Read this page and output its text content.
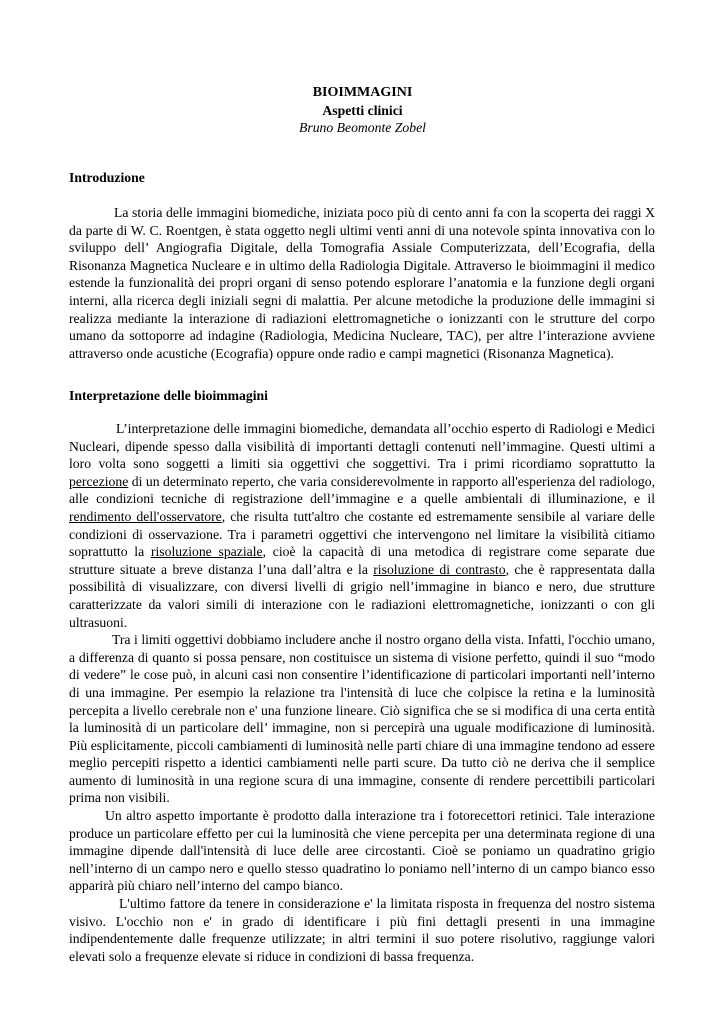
BIOIMMAGINI
Aspetti clinici
Bruno Beomonte Zobel
Introduzione

La storia delle immagini biomediche, iniziata poco più di cento anni fa con la scoperta dei raggi X da parte di W. C. Roentgen, è stata oggetto negli ultimi venti anni di una notevole spinta innovativa con lo sviluppo dell’ Angiografia Digitale, della Tomografia Assiale Computerizzata, dell’Ecografia, della Risonanza Magnetica Nucleare e in ultimo della Radiologia Digitale. Attraverso le bioimmagini il medico estende la funzionalità dei propri organi di senso potendo esplorare l’anatomia e la funzione degli organi interni, alla ricerca degli iniziali segni di malattia. Per alcune metodiche la produzione delle immagini si realizza mediante la interazione di radiazioni elettromagnetiche o ionizzanti con le strutture del corpo umano da sottoporre ad indagine (Radiologia, Medicina Nucleare, TAC), per altre l’interazione avviene attraverso onde acustiche (Ecografia) oppure onde radio e campi magnetici (Risonanza Magnetica).

Interpretazione delle bioimmagini

L’interpretazione delle immagini biomediche, demandata all’occhio esperto di Radiologi e Medici Nucleari, dipende spesso dalla visibilità di importanti dettagli contenuti nell’immagine. Questi ultimi a loro volta sono soggetti a limiti sia oggettivi che soggettivi. Tra i primi ricordiamo soprattutto la percezione di un determinato reperto, che varia considerevolmente in rapporto all'esperienza del radiologo, alle condizioni tecniche di registrazione dell’immagine e a quelle ambientali di illuminazione, e il rendimento dell'osservatore, che risulta tutt'altro che costante ed estremamente sensibile al variare delle condizioni di osservazione. Tra i parametri oggettivi che intervengono nel limitare la visibilità citiamo soprattutto la risoluzione spaziale, cioè la capacità di una metodica di registrare come separate due strutture situate a breve distanza l’una dall’altra e la risoluzione di contrasto, che è rappresentata dalla possibilità di visualizzare, con diversi livelli di grigio nell’immagine in bianco e nero, due strutture caratterizzate da valori simili di interazione con le radiazioni elettromagnetiche, ionizzanti o con gli ultrasuoni.

Tra i limiti oggettivi dobbiamo includere anche il nostro organo della vista. Infatti, l'occhio umano, a differenza di quanto si possa pensare, non costituisce un sistema di visione perfetto, quindi il suo “modo di vedere” le cose può, in alcuni casi non consentire l’identificazione di particolari importanti nell’interno di una immagine. Per esempio la relazione tra l'intensità di luce che colpisce la retina e la luminosità percepita a livello cerebrale non e' una funzione lineare. Ciò significa che se si modifica di una certa entità la luminosità di un particolare dell’ immagine, non si percepirà una uguale modificazione di luminosità. Più esplicitamente, piccoli cambiamenti di luminosità nelle parti chiare di una immagine tendono ad essere meglio percepiti rispetto a identici cambiamenti nelle parti scure. Da tutto ciò ne deriva che il semplice aumento di luminosità in una regione scura di una immagine, consente di rendere percettibili particolari prima non visibili.

Un altro aspetto importante è prodotto dalla interazione tra i fotorecettori retinici. Tale interazione produce un particolare effetto per cui la luminosità che viene percepita per una determinata regione di una immagine dipende dall'intensità di luce delle aree circostanti. Cioè se poniamo un quadratino grigio nell’interno di un campo nero e quello stesso quadratino lo poniamo nell’interno di un campo bianco esso apparirà più chiaro nell’interno del campo bianco.

L'ultimo fattore da tenere in considerazione e' la limitata risposta in frequenza del nostro sistema visivo. L'occhio non e' in grado di identificare i più fini dettagli presenti in una immagine indipendentemente dalle frequenze utilizzate; in altri termini il suo potere risolutivo, raggiunge valori elevati solo a frequenze elevate si riduce in condizioni di bassa frequenza.
